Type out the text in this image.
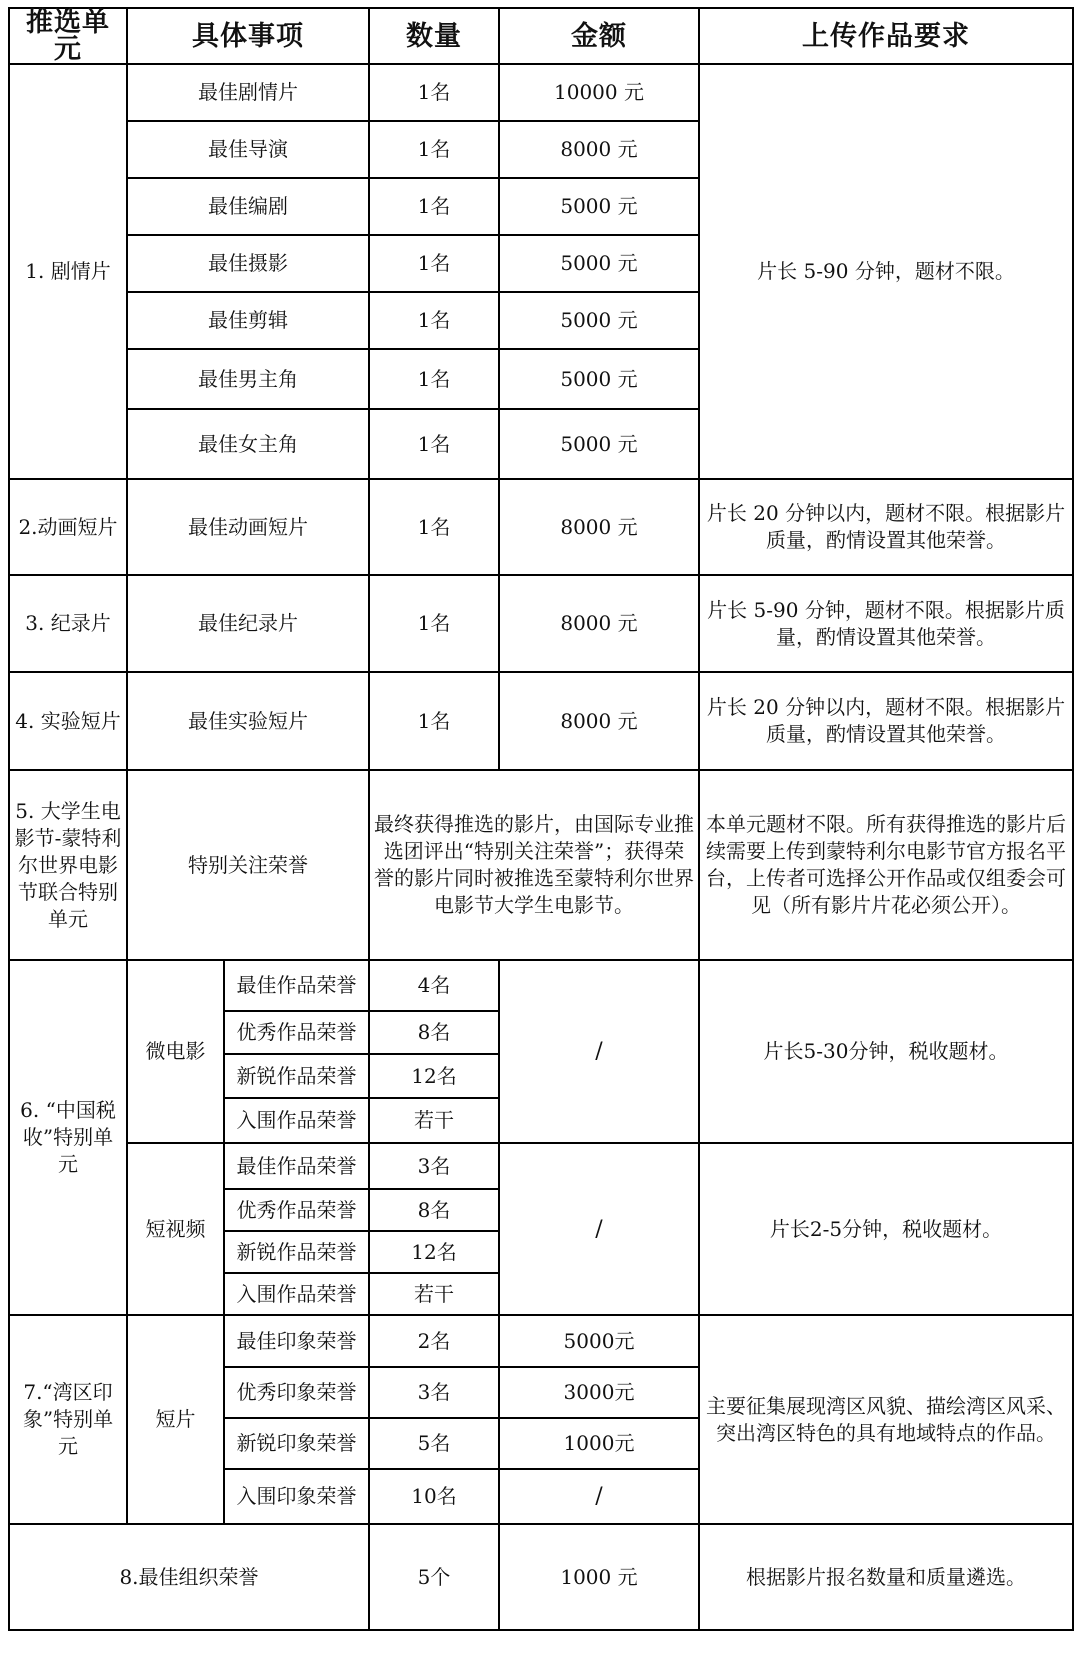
推选单元	具体事项		数量	金额	上传作品要求
1. 剧情片	最佳剧情片		1名	10000 元	片长 5-90 分钟，题材不限。
	最佳导演		1名	8000 元	
	最佳编剧		1名	5000 元	
	最佳摄影		1名	5000 元	
	最佳剪辑		1名	5000 元	
	最佳男主角		1名	5000 元	
	最佳女主角		1名	5000 元	
2.动画短片	最佳动画短片		1名	8000 元	片长 20 分钟以内，题材不限。根据影片质量，酌情设置其他荣誉。
3. 纪录片	最佳纪录片		1名	8000 元	片长 5-90 分钟，题材不限。根据影片质量，酌情设置其他荣誉。
4. 实验短片	最佳实验短片		1名	8000 元	片长 20 分钟以内，题材不限。根据影片质量，酌情设置其他荣誉。
5. 大学生电影节-蒙特利尔世界电影节联合特别单元	特别关注荣誉		最终获得推选的影片，由国际专业推选团评出“特别关注荣誉”；获得荣誉的影片同时被推选至蒙特利尔世界电影节大学生电影节。		本单元题材不限。所有获得推选的影片后续需要上传到蒙特利尔电影节官方报名平台，上传者可选择公开作品或仅组委会可见（所有影片片花必须公开）。
6. “中国税收”特别单元	微电影	最佳作品荣誉	4名	/	片长5-30分钟，税收题材。
		优秀作品荣誉	8名		
		新锐作品荣誉	12名		
		入围作品荣誉	若干		
	短视频	最佳作品荣誉	3名	/	片长2-5分钟，税收题材。
		优秀作品荣誉	8名		
		新锐作品荣誉	12名		
		入围作品荣誉	若干		
7.“湾区印象”特别单元	短片	最佳印象荣誉	2名	5000元	主要征集展现湾区风貌、描绘湾区风采、突出湾区特色的具有地域特点的作品。
		优秀印象荣誉	3名	3000元	
		新锐印象荣誉	5名	1000元	
		入围印象荣誉	10名	/	
8.最佳组织荣誉			5个	1000 元	根据影片报名数量和质量遴选。
